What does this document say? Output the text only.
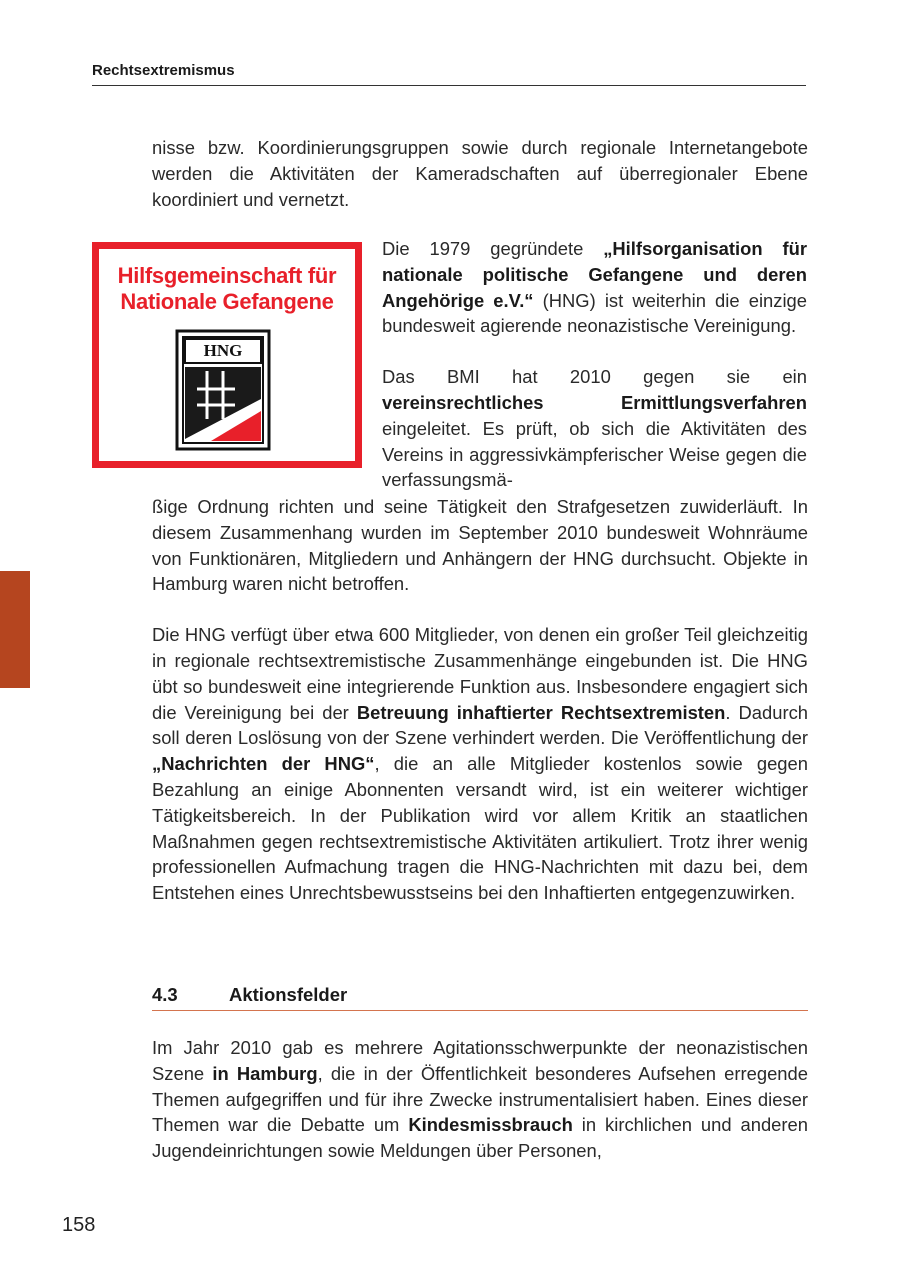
Rechtsextremismus

nisse bzw. Koordinierungsgruppen sowie durch regionale Internetangebote werden die Aktivitäten der Kameradschaften auf überregionaler Ebene koordiniert und vernetzt.

Hilfsgemeinschaft für
Nationale Gefangene
HNG

Die 1979 gegründete „Hilfsorganisation für nationale politische Gefangene und deren Angehörige e.V.“ (HNG) ist weiterhin die einzige bundesweit agierende neonazistische Vereinigung.

Das BMI hat 2010 gegen sie ein vereinsrechtliches Ermittlungsverfahren eingeleitet. Es prüft, ob sich die Aktivitäten des Vereins in aggressivkämpferischer Weise gegen die verfassungsmä-

ßige Ordnung richten und seine Tätigkeit den Strafgesetzen zuwiderläuft. In diesem Zusammenhang wurden im September 2010 bundesweit Wohnräume von Funktionären, Mitgliedern und Anhängern der HNG durchsucht. Objekte in Hamburg waren nicht betroffen.

Die HNG verfügt über etwa 600 Mitglieder, von denen ein großer Teil gleichzeitig in regionale rechtsextremistische Zusammenhänge eingebunden ist. Die HNG übt so bundesweit eine integrierende Funktion aus. Insbesondere engagiert sich die Vereinigung bei der Betreuung inhaftierter Rechtsextremisten. Dadurch soll deren Loslösung von der Szene verhindert werden. Die Veröffentlichung der „Nachrichten der HNG“, die an alle Mitglieder kostenlos sowie gegen Bezahlung an einige Abonnenten versandt wird, ist ein weiterer wichtiger Tätigkeitsbereich. In der Publikation wird vor allem Kritik an staatlichen Maßnahmen gegen rechtsextremistische Aktivitäten artikuliert. Trotz ihrer wenig professionellen Aufmachung tragen die HNG-Nachrichten mit dazu bei, dem Entstehen eines Unrechtsbewusstseins bei den Inhaftierten entgegenzuwirken.

4.3	Aktionsfelder

Im Jahr 2010 gab es mehrere Agitationsschwerpunkte der neonazistischen Szene in Hamburg, die in der Öffentlichkeit besonderes Aufsehen erregende Themen aufgegriffen und für ihre Zwecke instrumentalisiert haben. Eines dieser Themen war die Debatte um Kindesmissbrauch in kirchlichen und anderen Jugendeinrichtungen sowie Meldungen über Personen,

158
